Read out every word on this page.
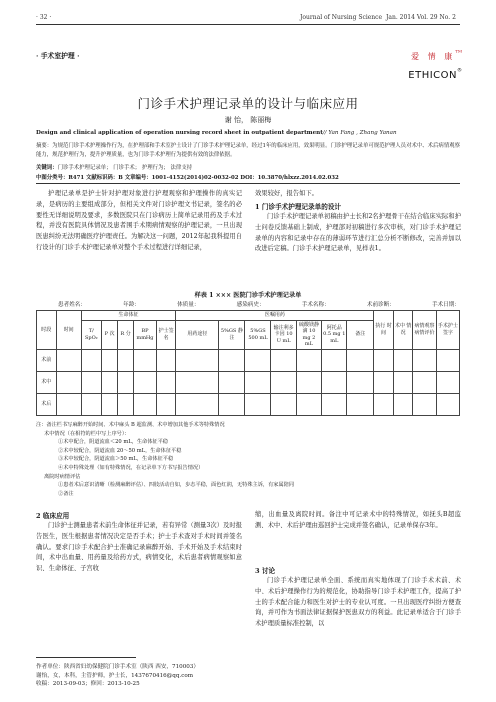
· 32 ·	Journal of Nursing Science Jan. 2014 Vol. 29 No. 2
· 手术室护理 ·	爱 情 康™
ETHICON®
门诊手术护理记录单的设计与临床应用
谢 怡， 陈丽梅
Design and clinical application of operation nursing record sheet in outpatient department// Yan Fang , Zhang Yanan
摘要：为规范门诊手术护理操作行为，在护理部和手术室护士设计了门诊手术护理记录单，经过1年的临床应用，效果明显。门诊护理记录单可规范护理人员对术中、术后病情观察能力，规范护理行为，提升护理质量，也为门诊手术护理行为提供有效的法律依据。
关键词：门诊手术护理记录单； 门诊手术； 护理行为； 法律支持
中图分类号：R471 文献标识码：B 文章编号：1001-4152(2014)02-0032-02 DOI：10.3870/hlxzz.2014.02.032
护理记录单是护士针对护理对象进行护理观察和护理操作的真实记录，是病历的主要组成部分，但相关文件对门诊护理文书记录，签名的必要性无详细说明及要求，多数医院只在门诊病历上简单记录用药及手术过程，并没有医院具体情况及患者围手术期病情观察的护理记录，一旦出现医患纠纷无法明确医疗护理责任。为解决这一问题，2012年起我科提用自行设计的门诊手术护理记录单对整个手术过程进行详细记录，
效果较好，报告如下。
1 门诊手术护理记录单的设计
门诊手术护理记录单初稿由护士长和2名护理骨干在结合临床实际和护士问卷反馈基础上制成，护理部对初稿进行多次审核，对门诊手术护理记录单的内容和记录中存在的薄弱环节进行汇总分析不断修改，完善并加以改进后定稿。门诊手术护理记录单，见样表1。
样表 1 ××× 医院门诊手术护理记录单
患者姓名：	年龄：	体质量：	感染病史：	手术名称：	术前诊断：	手术日期：
时段	时间	生命体征					医嘱用药							执行 时间	术中 情况	病情观察 病情评价	手术护士签字
		T/ SpO₂	P 次	R 分	BP mmHg	护士签名	用药途径	5%GS 静注	5%GS 500 mL	输注利多卡因 10 U mL	硫酸镁静滴 10 mg 2 mL	阿托品 0.5 mg 1 mL	备注				
术前																	
术中																	
术后																	
注：备注栏书写麻醉开始时间、术中麻头 B 超监测、术中增加其他手术等特殊情况
术中情况（在相符的栏中写上序号）：
①术中配合，阴道流血＜20 mL，生命体征平稳
②术中较配合，阴道流血 20～50 mL，生命体征平稳
③术中较配合，阴道流血＞50 mL，生命体征平稳
④术中特殊处理（如有特殊情况，在记录单下方书写报告情况）
离院时病情评估
①患者术后意识清晰（检测麻醉评估）、四肢活动自如，步态平稳，面色红润，无特殊主诉，有家属陪同
②备注
2 临床应用
门诊护士测量患者术前生命体征并记录，若有异常（测量3次）及时报告医生，医生根据患者情况决定是否手术；护士手术查对手术时间并签名确认。要求门诊手术配合护士准确记录麻醉开始、手术开始及手术结束时间，术中出血量、用药量及给药方式，病情变化，术后患者病情观察如意识、生命体征、子宫收
作者单位：陕西省妇幼保健院门诊手术室（陕西 西安，710003）
谢怡，女，本科，主管护师，护士长，1437670416@qq.com
收稿：2013-09-03；修回：2013-10-25
缩，出血量及离院时间。备注中可记录术中的特殊情况，如抚头B超监测、术中、术后护理由巡回护士完成并签名确认，记录单保存3年。
3 讨论
门诊手术护理记录单全面、系统而真实地体现了门诊手术术前、术中、术后护理操作行为的规范化，协助指导门诊手术护理工作，提高了护士的手术配合能力和医生对护士的专业认可度。一旦出现医疗纠纷方便查询，并可作为书面法律证据保护医患双方的利益。此记录单适合于门诊手术护理质量标准控制，以
